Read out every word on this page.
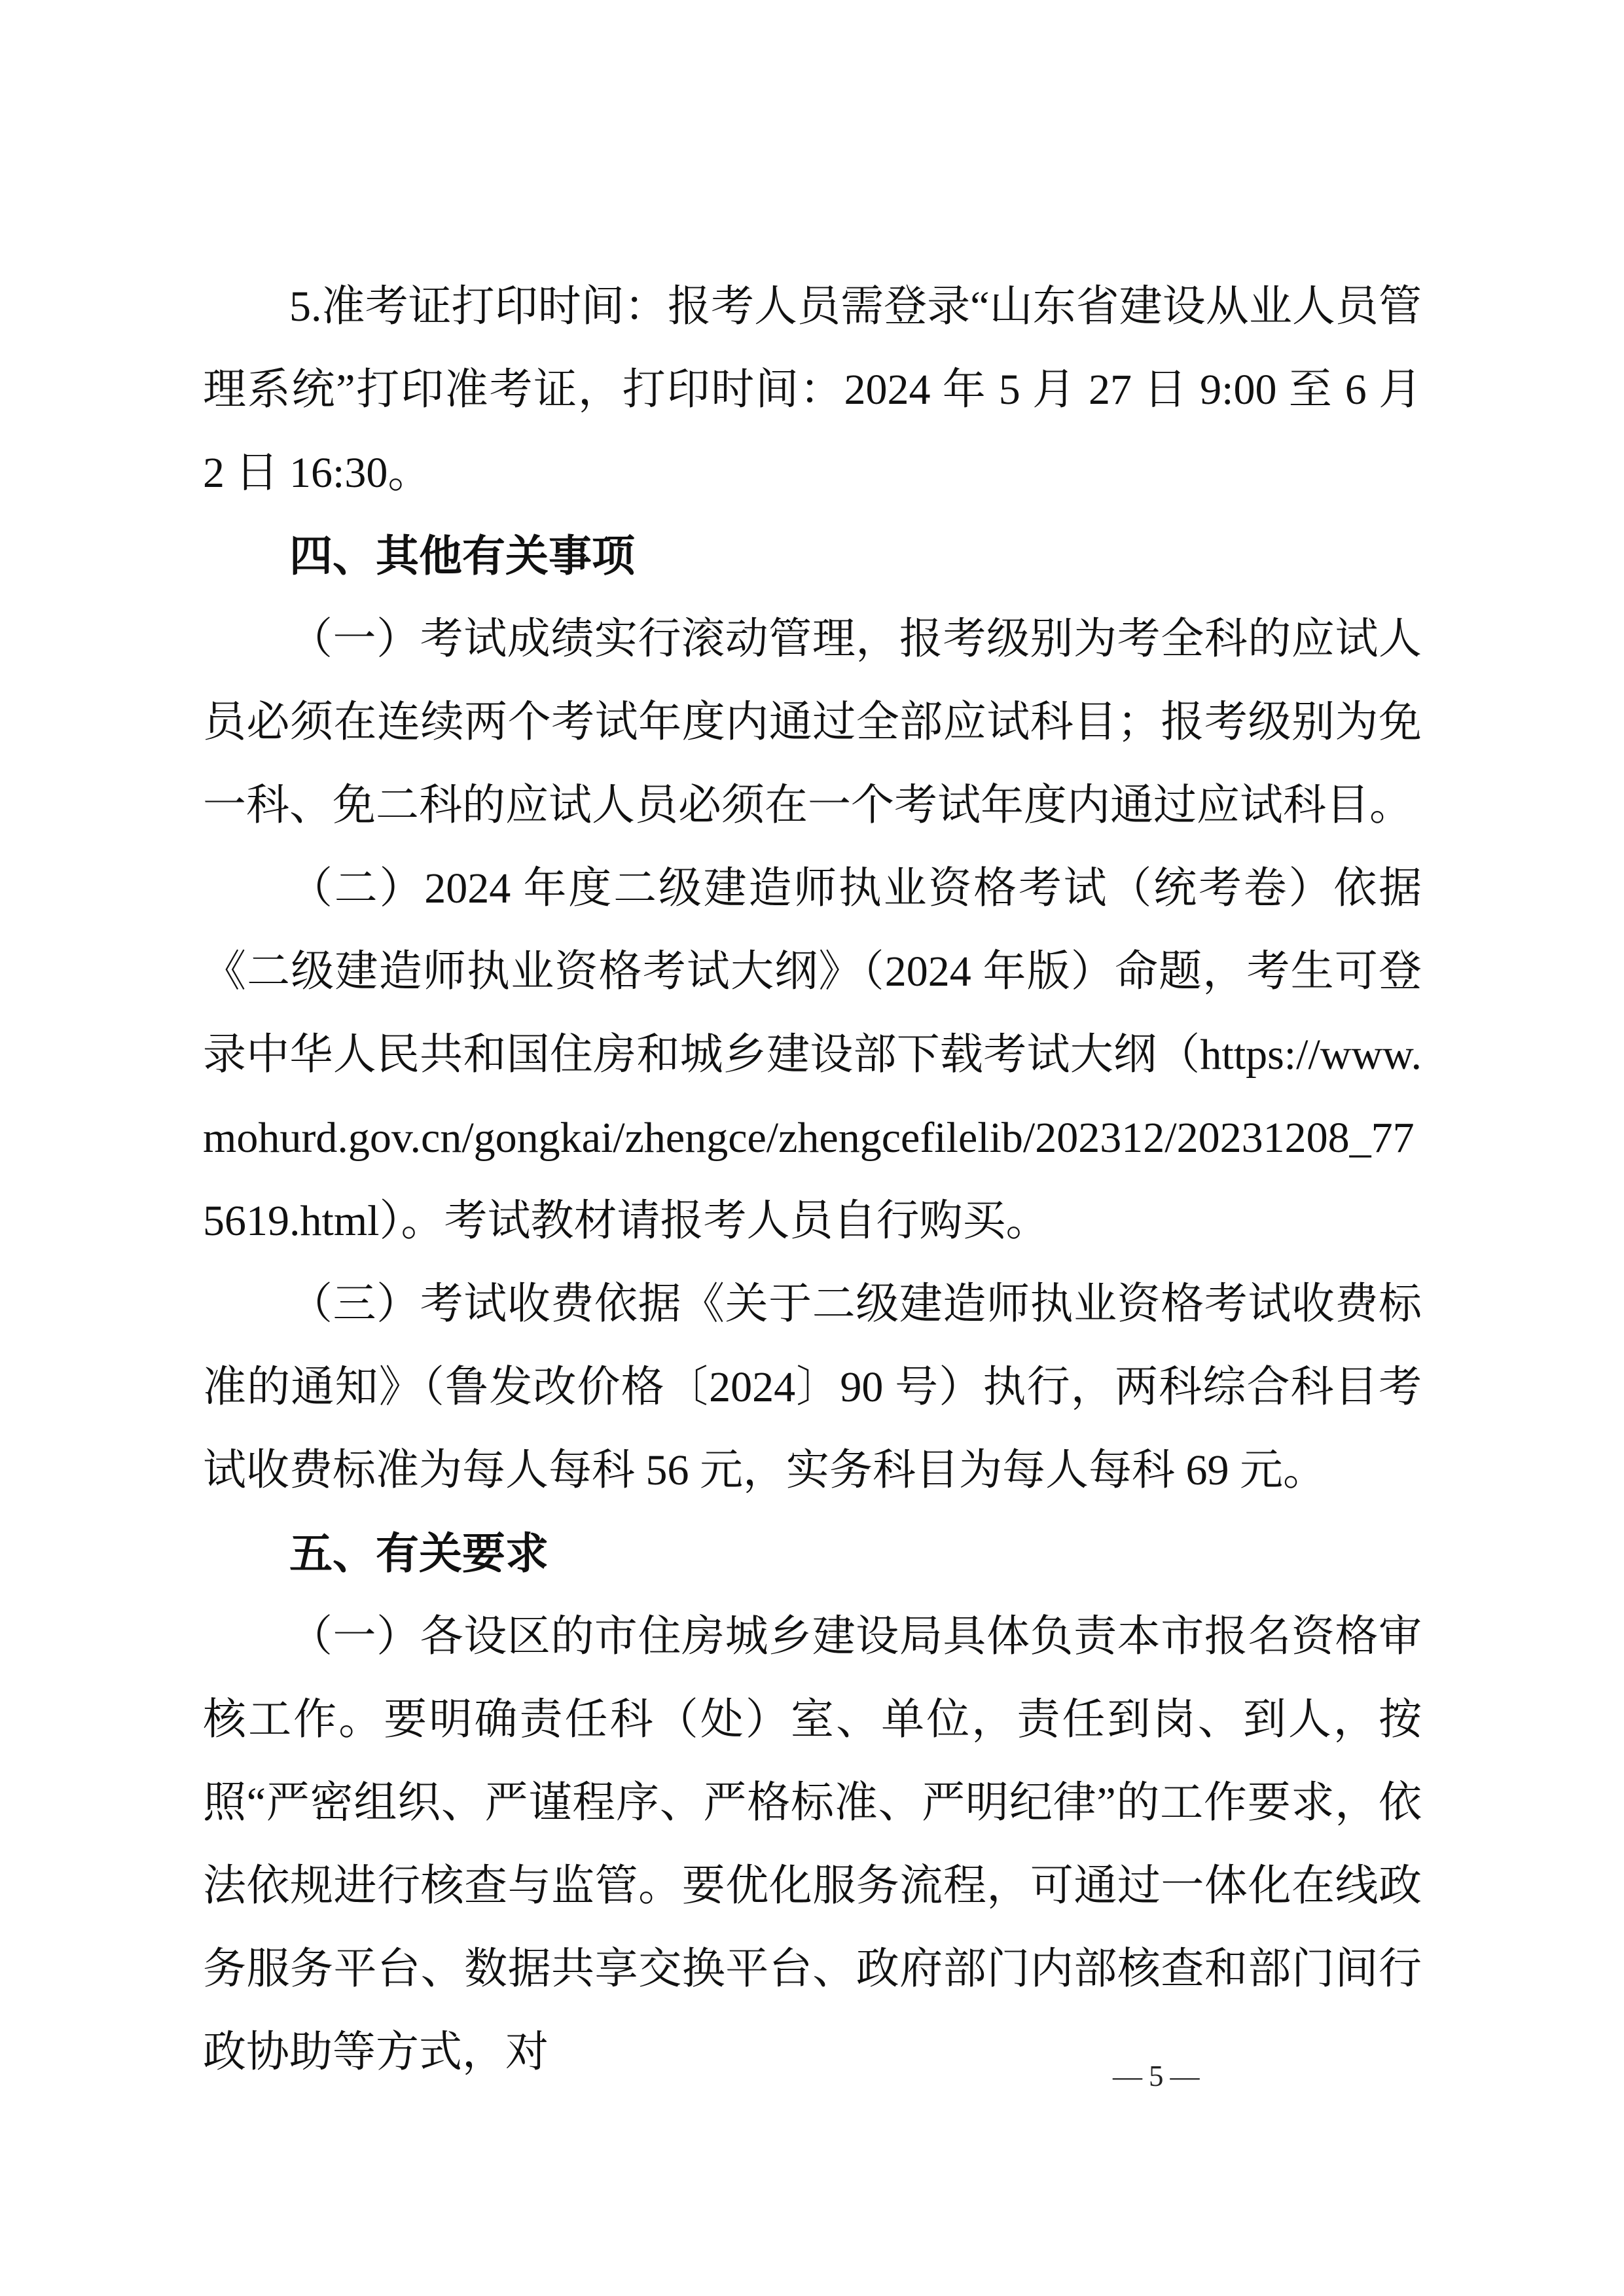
5.准考证打印时间：报考人员需登录“山东省建设从业人员管理系统”打印准考证，打印时间：2024 年 5 月 27 日 9:00 至 6 月 2 日 16:30。

四、其他有关事项

（一）考试成绩实行滚动管理，报考级别为考全科的应试人员必须在连续两个考试年度内通过全部应试科目；报考级别为免一科、免二科的应试人员必须在一个考试年度内通过应试科目。

（二）2024 年度二级建造师执业资格考试（统考卷）依据《二级建造师执业资格考试大纲》（2024 年版）命题，考生可登录中华人民共和国住房和城乡建设部下载考试大纲（https://www.mohurd.gov.cn/gongkai/zhengce/zhengcefilelib/202312/20231208_775619.html）。考试教材请报考人员自行购买。

（三）考试收费依据《关于二级建造师执业资格考试收费标准的通知》（鲁发改价格〔2024〕90 号）执行，两科综合科目考试收费标准为每人每科 56 元，实务科目为每人每科 69 元。

五、有关要求

（一）各设区的市住房城乡建设局具体负责本市报名资格审核工作。要明确责任科（处）室、单位，责任到岗、到人，按照“严密组织、严谨程序、严格标准、严明纪律”的工作要求，依法依规进行核查与监管。要优化服务流程，可通过一体化在线政务服务平台、数据共享交换平台、政府部门内部核查和部门间行政协助等方式，对	— 5 —
